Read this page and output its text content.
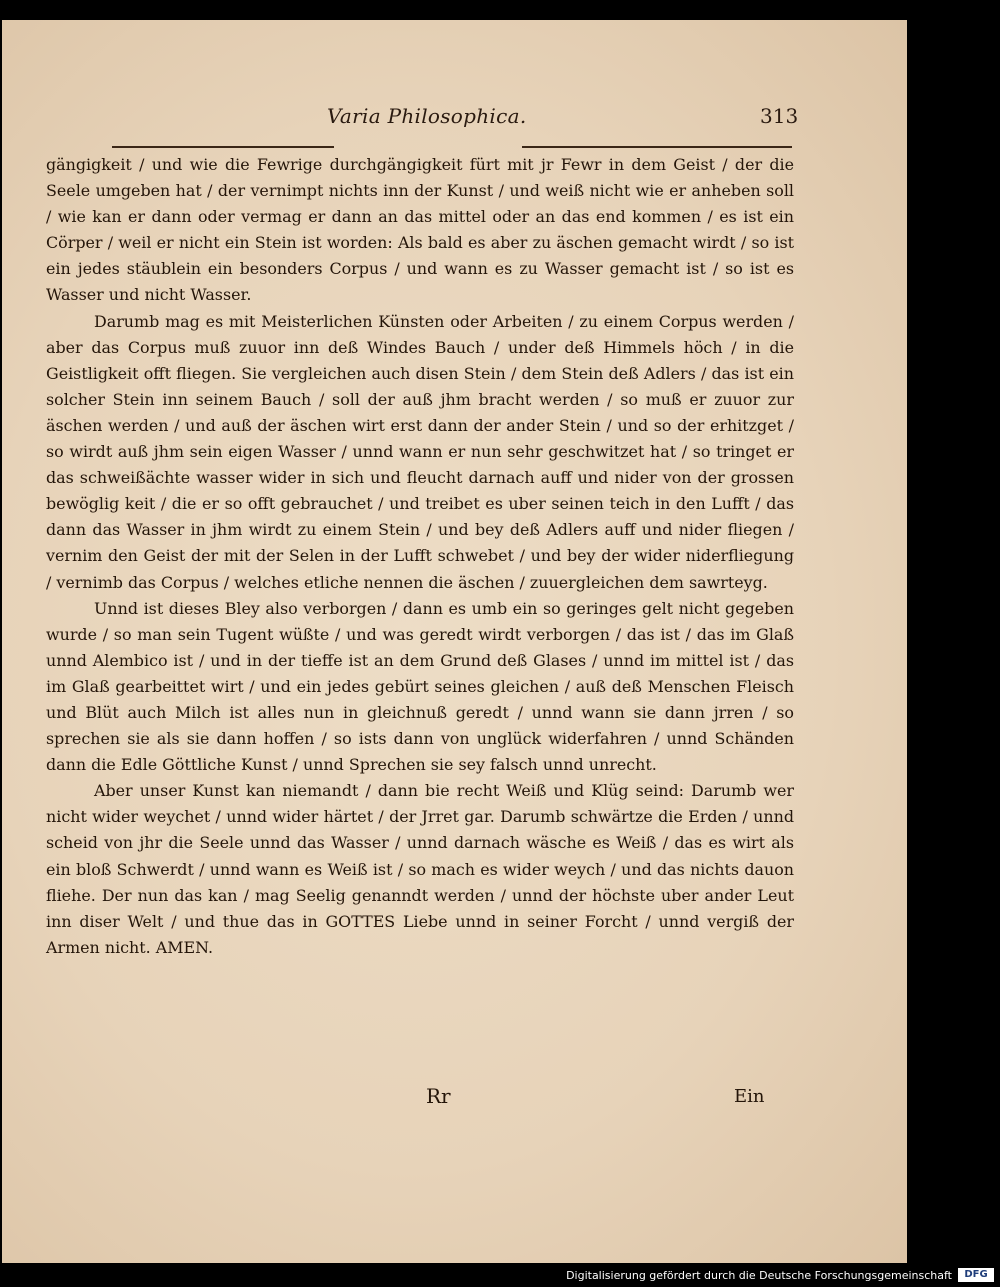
Varia Philosophica.	313

gängigkeit / und wie die Fewrige durchgängigkeit fürt mit jr Fewr in dem Geist / der die Seele umgeben hat / der vernimpt nichts inn der Kunst / und weiß nicht wie er anheben soll / wie kan er dann oder vermag er dann an das mittel oder an das end kommen / es ist ein Cörper / weil er nicht ein Stein ist worden: Als bald es aber zu äschen gemacht wirdt / so ist ein jedes stäublein ein besonders Corpus / und wann es zu Wasser gemacht ist / so ist es Wasser und nicht Wasser.

Darumb mag es mit Meisterlichen Künsten oder Arbeiten / zu einem Corpus werden / aber das Corpus muß zuuor inn deß Windes Bauch / under deß Himmels höch / in die Geistligkeit offt fliegen. Sie vergleichen auch disen Stein / dem Stein deß Adlers / das ist ein solcher Stein inn seinem Bauch / soll der auß jhm bracht werden / so muß er zuuor zur äschen werden / und auß der äschen wirt erst dann der ander Stein / und so der erhitzget / so wirdt auß jhm sein eigen Wasser / unnd wann er nun sehr geschwitzet hat / so tringet er das schweißächte wasser wider in sich und fleucht darnach auff und nider von der grossen bewöglig keit / die er so offt gebrauchet / und treibet es uber seinen teich in den Lufft / das dann das Wasser in jhm wirdt zu einem Stein / und bey deß Adlers auff und nider fliegen / vernim den Geist der mit der Selen in der Lufft schwebet / und bey der wider niderfliegung / vernimb das Corpus / welches etliche nennen die äschen / zuuergleichen dem sawrteyg.

Unnd ist dieses Bley also verborgen / dann es umb ein so geringes gelt nicht gegeben wurde / so man sein Tugent wüßte / und was geredt wirdt verborgen / das ist / das im Glaß unnd Alembico ist / und in der tieffe ist an dem Grund deß Glases / unnd im mittel ist / das im Glaß gearbeittet wirt / und ein jedes gebürt seines gleichen / auß deß Menschen Fleisch und Blüt auch Milch ist alles nun in gleichnuß geredt / unnd wann sie dann jrren / so sprechen sie als sie dann hoffen / so ists dann von unglück widerfahren / unnd Schänden dann die Edle Göttliche Kunst / unnd Sprechen sie sey falsch unnd unrecht.

Aber unser Kunst kan niemandt / dann bie recht Weiß und Klüg seind: Darumb wer nicht wider weychet / unnd wider härtet / der Jrret gar. Darumb schwärtze die Erden / unnd scheid von jhr die Seele unnd das Wasser / unnd darnach wäsche es Weiß / das es wirt als ein bloß Schwerdt / unnd wann es Weiß ist / so mach es wider weych / und das nichts dauon fliehe. Der nun das kan / mag Seelig genanndt werden / unnd der höchste uber ander Leut inn diser Welt / und thue das in GOTTES Liebe unnd in seiner Forcht / unnd vergiß der Armen nicht. AMEN.

Rr	Ein
Digitalisierung gefördert durch die Deutsche Forschungsgemeinschaft	DFG
